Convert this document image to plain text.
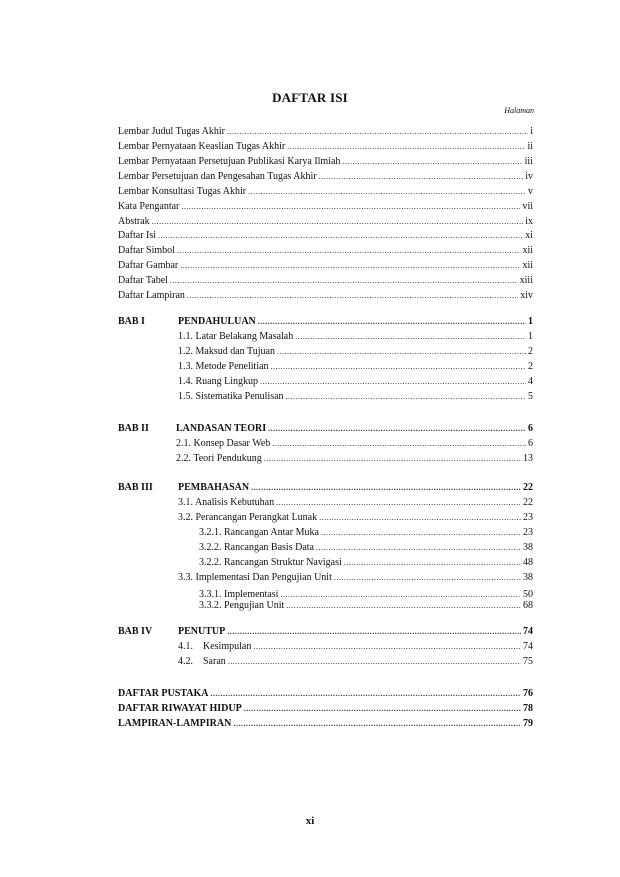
DAFTAR ISI
Halaman
Lembar Judul Tugas Akhir .....	i
Lembar Pernyataan Keaslian Tugas Akhir .....	ii
Lembar Pernyataan Persetujuan Publikasi Karya Ilmiah .....	iii
Lembar Persetujuan dan Pengesahan Tugas Akhir .....	iv
Lembar Konsultasi Tugas Akhir .....	v
Kata Pengantar .....	vii
Abstrak .....	ix
Daftar Isi .....	xi
Daftar Simbol .....	xii
Daftar Gambar .....	xii
Daftar Tabel .....	xiii
Daftar Lampiran .....	xiv
BAB I	PENDAHULUAN .....	1
1.1. Latar Belakang Masalah .....	1
1.2. Maksud dan Tujuan .....	2
1.3. Metode Penelitian .....	2
1.4. Ruang Lingkup .....	4
1.5. Sistematika Penulisan .....	5
BAB II	LANDASAN TEORI .....	6
2.1. Konsep Dasar Web .....	6
2.2. Teori Pendukung .....	13
BAB III	PEMBAHASAN .....	22
3.1. Analisis Kebutuhan .....	22
3.2. Perancangan Perangkat Lunak .....	23
3.2.1. Rancangan Antar Muka .....	23
3.2.2. Rancangan Basis Data .....	38
3.2.2. Rancangan Struktur Navigasi .....	48
3.3. Implementasi Dan Pengujian Unit .....	38
3.3.1. Implementasi .....	50
3.3.2. Pengujian Unit .....	68
BAB IV	PENUTUP .....	74
4.1.    Kesimpulan .....	74
4.2.    Saran .....	75
DAFTAR PUSTAKA .....	76
DAFTAR RIWAYAT HIDUP .....	78
LAMPIRAN-LAMPIRAN .....	79
xi
